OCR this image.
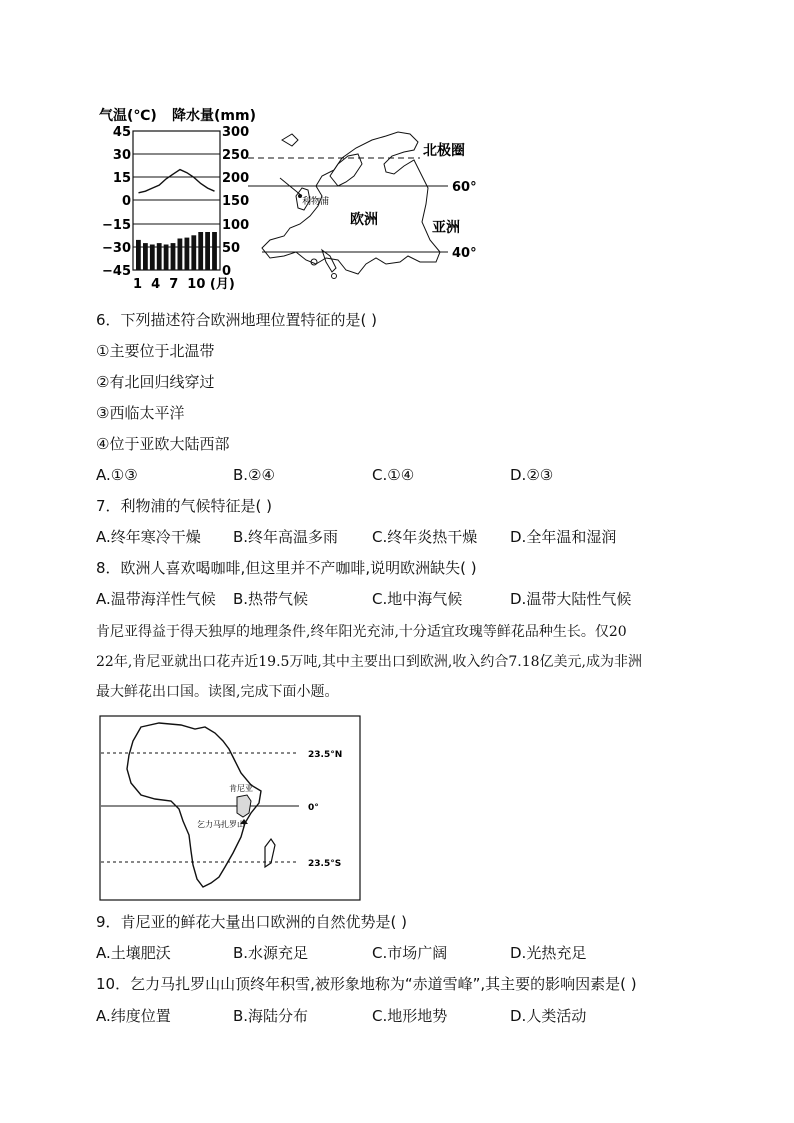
气温(℃) 降水量(mm)
45
30
15
0
−15
−30
−45
300
250
200
150
100
50
0
1  4  7  10 (月)
北极圈
60°
40°
利物浦
欧洲	亚洲
6．下列描述符合欧洲地理位置特征的是( )
①主要位于北温带
②有北回归线穿过
③西临太平洋
④位于亚欧大陆西部
A.①③	B.②④	C.①④	D.②③
7．利物浦的气候特征是( )
A.终年寒冷干燥 B.终年高温多雨 C.终年炎热干燥 D.全年温和湿润
8．欧洲人喜欢喝咖啡,但这里并不产咖啡,说明欧洲缺失( )
A.温带海洋性气候 B.热带气候	C.地中海气候	D.温带大陆性气候
肯尼亚得益于得天独厚的地理条件,终年阳光充沛,十分适宜玫瑰等鲜花品种生长。仅20
22年,肯尼亚就出口花卉近19.5万吨,其中主要出口到欧洲,收入约合7.18亿美元,成为非洲
最大鲜花出口国。读图,完成下面小题。
23.5°N
0°
23.5°S
肯尼亚
乞力马扎罗山
9．肯尼亚的鲜花大量出口欧洲的自然优势是( )
A.土壤肥沃	B.水源充足	C.市场广阔	D.光热充足
10．乞力马扎罗山山顶终年积雪,被形象地称为“赤道雪峰”,其主要的影响因素是( )
A.纬度位置	B.海陆分布	C.地形地势	D.人类活动
